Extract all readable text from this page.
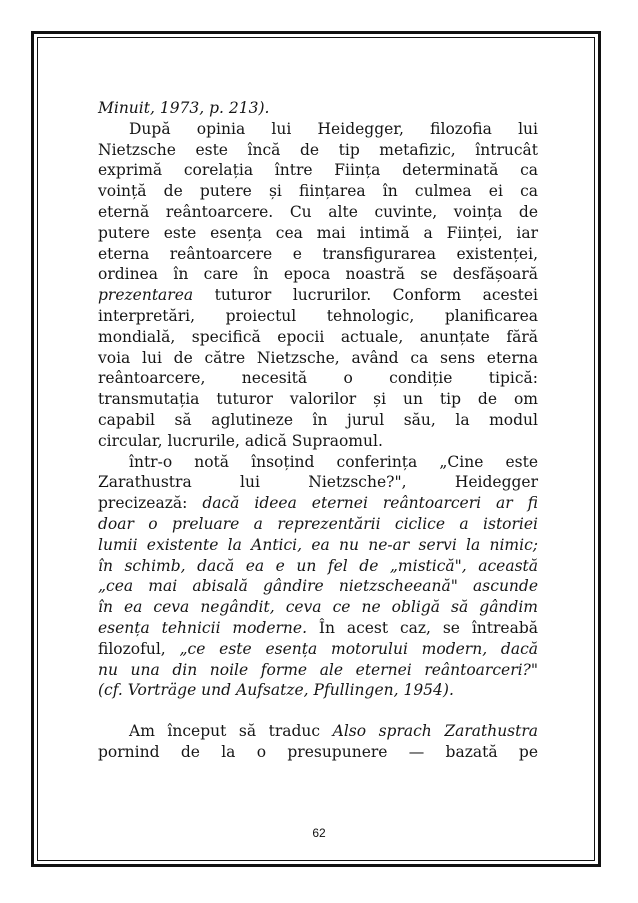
Minuit, 1973, p. 213).
După opinia lui Heidegger, filozofia lui
Nietzsche este încă de tip metafizic, întrucât
exprimă corelația între Ființa determinată ca
voință de putere și ființarea în culmea ei ca
eternă reântoarcere. Cu alte cuvinte, voința de
putere este esența cea mai intimă a Ființei, iar
eterna reântoarcere e transfigurarea existenței,
ordinea în care în epoca noastră se desfășoară
prezentarea tuturor lucrurilor. Conform acestei
interpretări, proiectul tehnologic, planificarea
mondială, specifică epocii actuale, anunțate fără
voia lui de către Nietzsche, având ca sens eterna
reântoarcere, necesită o condiție tipică:
transmutația tuturor valorilor și un tip de om
capabil să aglutineze în jurul său, la modul
circular, lucrurile, adică Supraomul.
într-o notă însoțind conferința „Cine este
Zarathustra lui Nietzsche?", Heidegger
precizează: dacă ideea eternei reântoarceri ar fi
doar o preluare a reprezentării ciclice a istoriei
lumii existente la Antici, ea nu ne-ar servi la nimic;
în schimb, dacă ea e un fel de „mistică", această
„cea mai abisală gândire nietzscheeană" ascunde
în ea ceva negândit, ceva ce ne obligă să gândim
esența tehnicii moderne. În acest caz, se întreabă
filozoful, „ce este esența motorului modern, dacă
nu una din noile forme ale eternei reântoarceri?"
(cf. Vorträge und Aufsatze, Pfullingen, 1954).
Am început să traduc Also sprach Zarathustra
pornind de la o presupunere — bazată pe
62
